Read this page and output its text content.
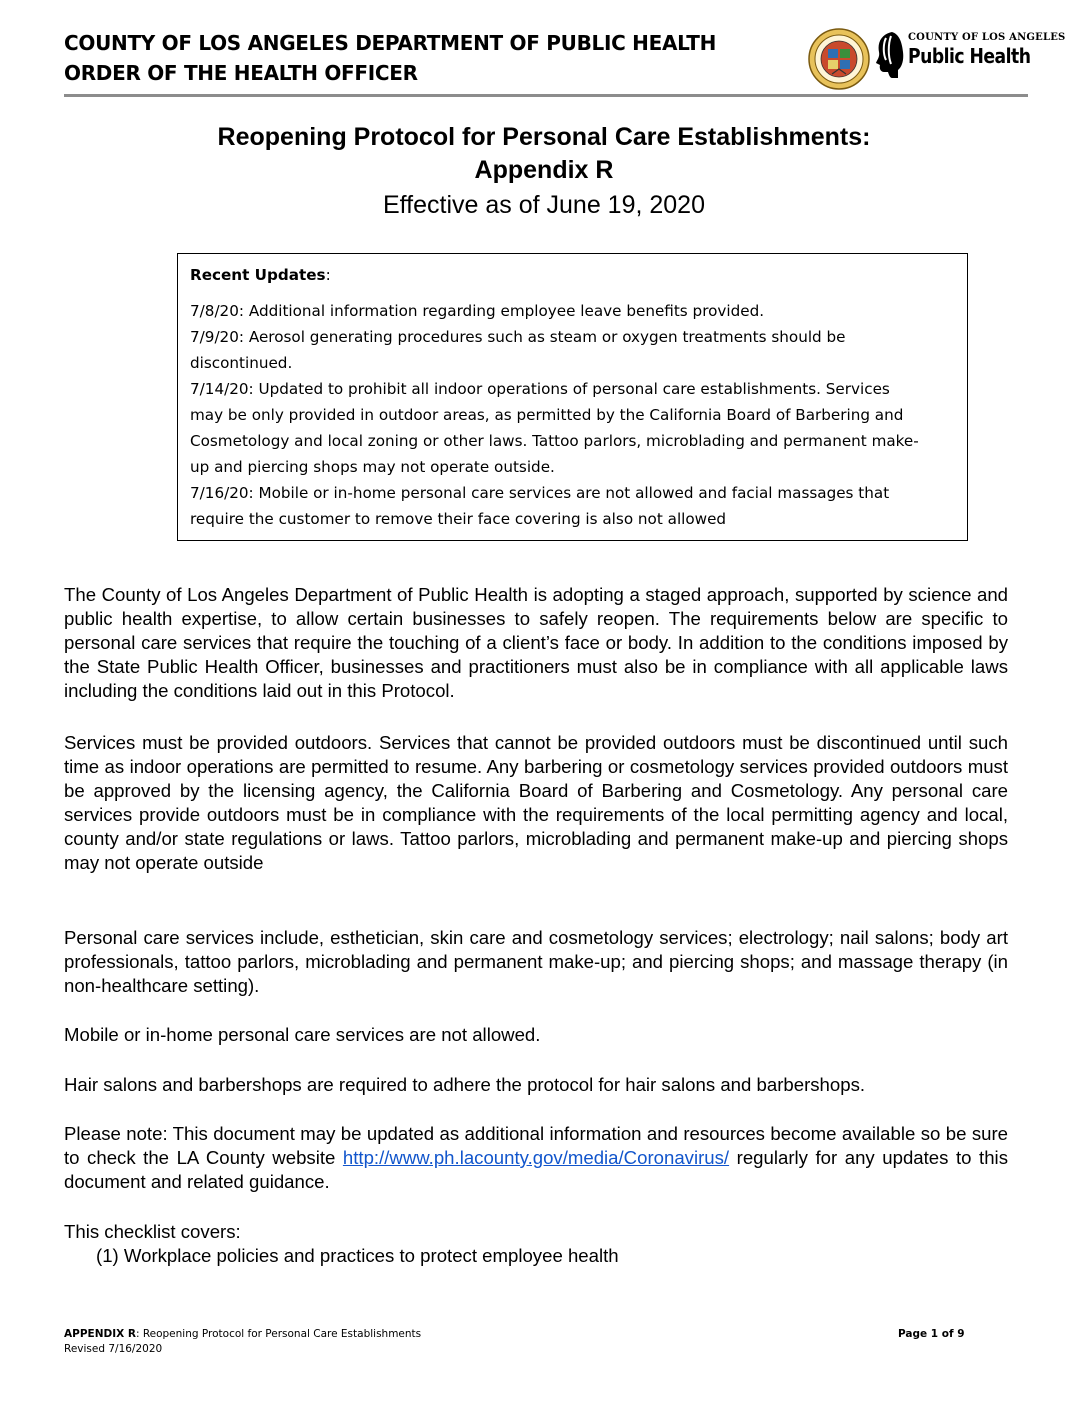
COUNTY OF LOS ANGELES DEPARTMENT OF PUBLIC HEALTH
ORDER OF THE HEALTH OFFICER
COUNTY OF LOS ANGELES
Public Health
Reopening Protocol for Personal Care Establishments:
Appendix R
Effective as of June 19, 2020
Recent Updates:
7/8/20: Additional information regarding employee leave benefits provided.
7/9/20: Aerosol generating procedures such as steam or oxygen treatments should be
discontinued.
7/14/20: Updated to prohibit all indoor operations of personal care establishments. Services
may be only provided in outdoor areas, as permitted by the California Board of Barbering and
Cosmetology and local zoning or other laws. Tattoo parlors, microblading and permanent make-
up and piercing shops may not operate outside.
7/16/20: Mobile or in-home personal care services are not allowed and facial massages that
require the customer to remove their face covering is also not allowed

The County of Los Angeles Department of Public Health is adopting a staged approach, supported by science and public health expertise, to allow certain businesses to safely reopen. The requirements below are specific to personal care services that require the touching of a client’s face or body. In addition to the conditions imposed by the State Public Health Officer, businesses and practitioners must also be in compliance with all applicable laws including the conditions laid out in this Protocol.

Services must be provided outdoors. Services that cannot be provided outdoors must be discontinued until such time as indoor operations are permitted to resume. Any barbering or cosmetology services provided outdoors must be approved by the licensing agency, the California Board of Barbering and Cosmetology. Any personal care services provide outdoors must be in compliance with the requirements of the local permitting agency and local, county and/or state regulations or laws. Tattoo parlors, microblading and permanent make-up and piercing shops may not operate outside

Personal care services include, esthetician, skin care and cosmetology services; electrology; nail salons; body art professionals, tattoo parlors, microblading and permanent make-up; and piercing shops; and massage therapy (in non-healthcare setting).

Mobile or in-home personal care services are not allowed.

Hair salons and barbershops are required to adhere the protocol for hair salons and barbershops.

Please note: This document may be updated as additional information and resources become available so be sure to check the LA County website http://www.ph.lacounty.gov/media/Coronavirus/ regularly for any updates to this document and related guidance.

This checklist covers:

(1) Workplace policies and practices to protect employee health

APPENDIX R: Reopening Protocol for Personal Care Establishments
Revised 7/16/2020
Page 1 of 9
